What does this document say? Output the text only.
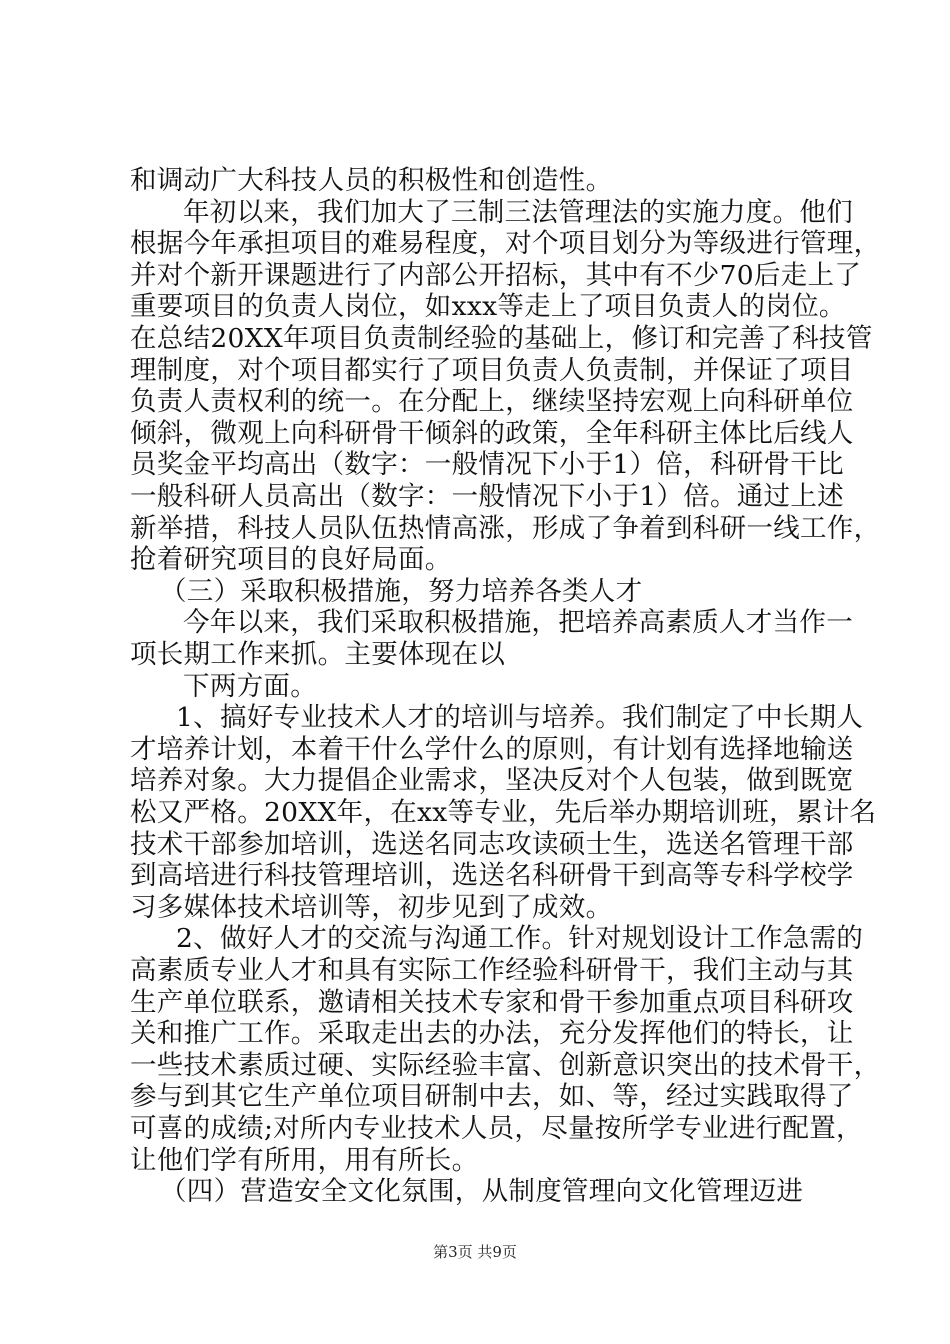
和调动广大科技人员的积极性和创造性。
年初以来，我们加大了三制三法管理法的实施力度。他们
根据今年承担项目的难易程度，对个项目划分为等级进行管理，
并对个新开课题进行了内部公开招标，其中有不少70后走上了
重要项目的负责人岗位，如xxx等走上了项目负责人的岗位。
在总结20XX年项目负责制经验的基础上，修订和完善了科技管
理制度，对个项目都实行了项目负责人负责制，并保证了项目
负责人责权利的统一。在分配上，继续坚持宏观上向科研单位
倾斜，微观上向科研骨干倾斜的政策，全年科研主体比后线人
员奖金平均高出（数字：一般情况下小于1）倍，科研骨干比
一般科研人员高出（数字：一般情况下小于1）倍。通过上述
新举措，科技人员队伍热情高涨，形成了争着到科研一线工作，
抢着研究项目的良好局面。
（三）采取积极措施，努力培养各类人才
今年以来，我们采取积极措施，把培养高素质人才当作一
项长期工作来抓。主要体现在以
下两方面。
1、搞好专业技术人才的培训与培养。我们制定了中长期人
才培养计划，本着干什么学什么的原则，有计划有选择地输送
培养对象。大力提倡企业需求，坚决反对个人包装，做到既宽
松又严格。20XX年，在xx等专业，先后举办期培训班，累计名
技术干部参加培训，选送名同志攻读硕士生，选送名管理干部
到高培进行科技管理培训，选送名科研骨干到高等专科学校学
习多媒体技术培训等，初步见到了成效。
2、做好人才的交流与沟通工作。针对规划设计工作急需的
高素质专业人才和具有实际工作经验科研骨干，我们主动与其
生产单位联系，邀请相关技术专家和骨干参加重点项目科研攻
关和推广工作。采取走出去的办法，充分发挥他们的特长，让
一些技术素质过硬、实际经验丰富、创新意识突出的技术骨干，
参与到其它生产单位项目研制中去，如、等，经过实践取得了
可喜的成绩;对所内专业技术人员，尽量按所学专业进行配置，
让他们学有所用，用有所长。
（四）营造安全文化氛围，从制度管理向文化管理迈进
第3页 共9页
